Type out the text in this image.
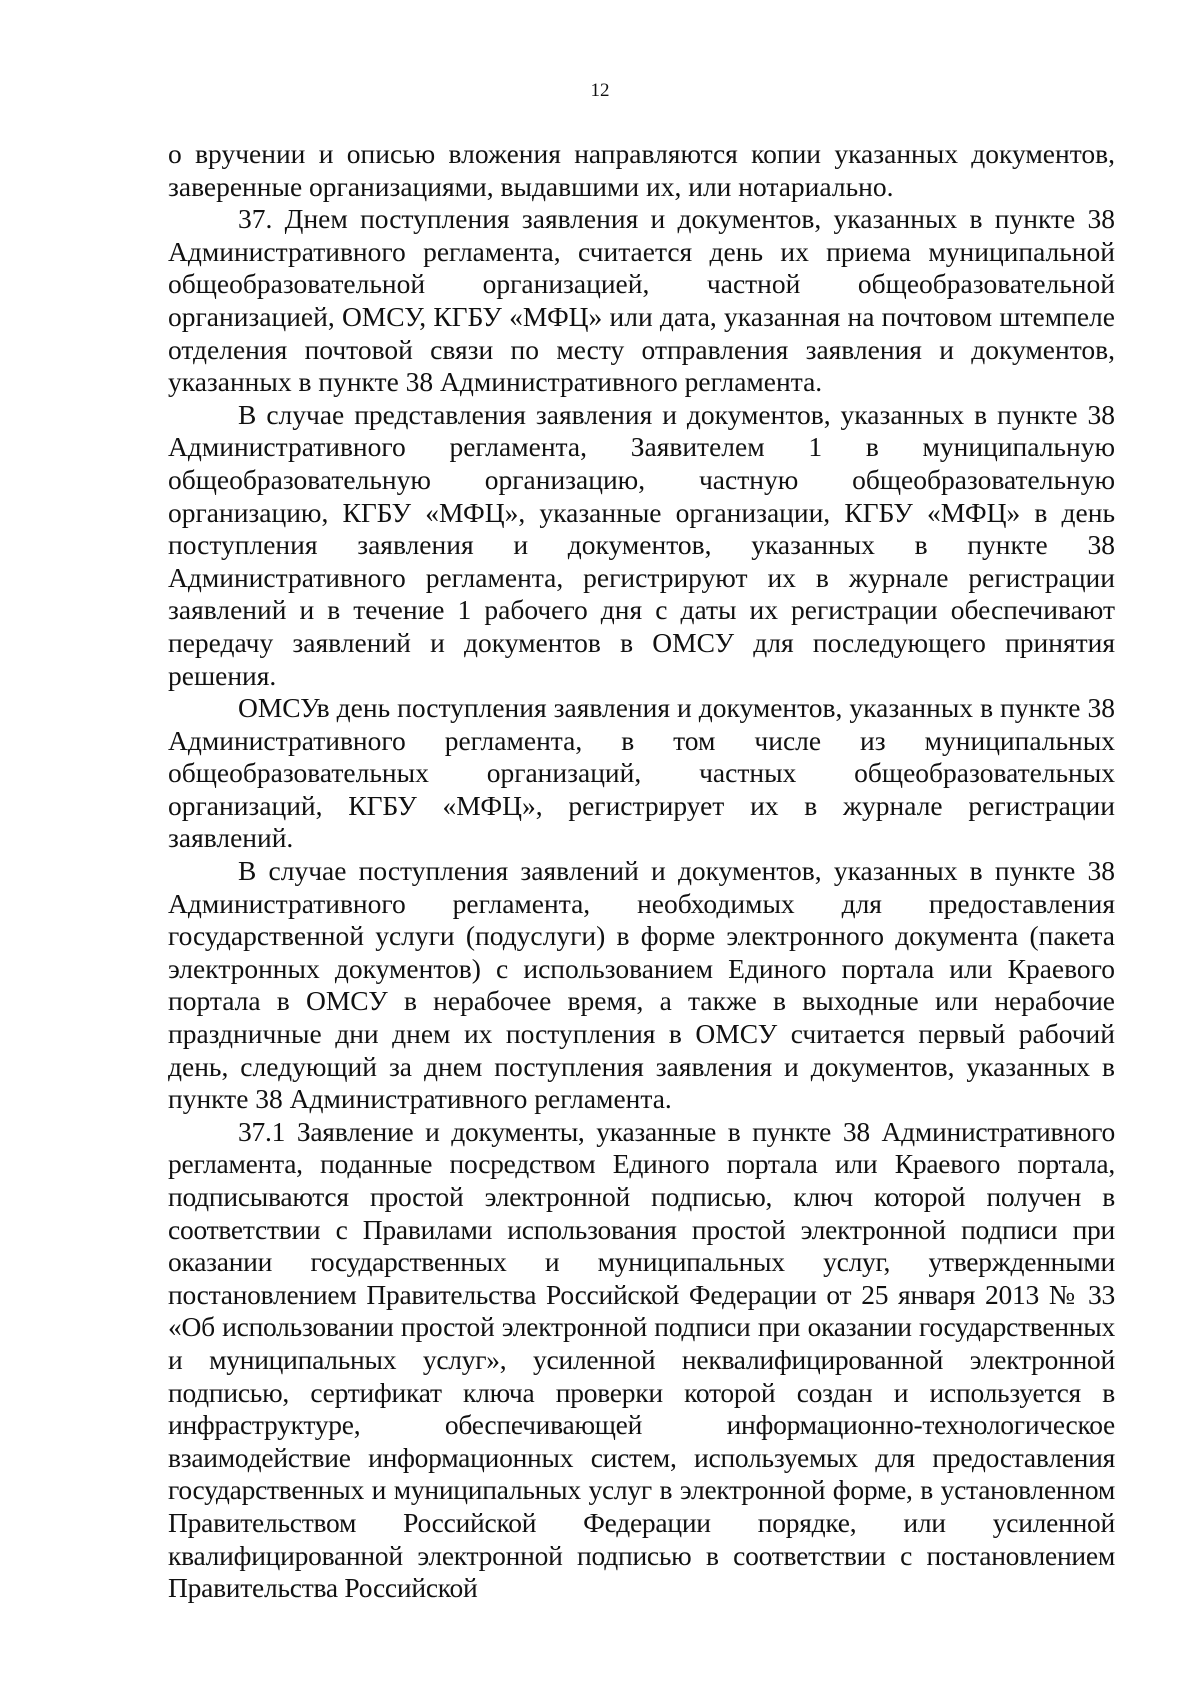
12

о вручении и описью вложения направляются копии указанных документов, заверенные организациями, выдавшими их, или нотариально.

37. Днем поступления заявления и документов, указанных в пункте 38 Административного регламента, считается день их приема муниципальной общеобразовательной организацией, частной общеобразовательной организацией, ОМСУ, КГБУ «МФЦ» или дата, указанная на почтовом штемпеле отделения почтовой связи по месту отправления заявления и документов, указанных в пункте 38 Административного регламента.

В случае представления заявления и документов, указанных в пункте 38 Административного регламента, Заявителем 1 в муниципальную общеобразовательную организацию, частную общеобразовательную организацию, КГБУ «МФЦ», указанные организации, КГБУ «МФЦ» в день поступления заявления и документов, указанных в пункте 38 Административного регламента, регистрируют их в журнале регистрации заявлений и в течение 1 рабочего дня с даты их регистрации обеспечивают передачу заявлений и документов в ОМСУ для последующего принятия решения.

ОМСУв день поступления заявления и документов, указанных в пункте 38 Административного регламента, в том числе из муниципальных общеобразовательных организаций, частных общеобразовательных организаций, КГБУ «МФЦ», регистрирует их в журнале регистрации заявлений.

В случае поступления заявлений и документов, указанных в пункте 38 Административного регламента, необходимых для предоставления государственной услуги (подуслуги) в форме электронного документа (пакета электронных документов) с использованием Единого портала или Краевого портала в ОМСУ в нерабочее время, а также в выходные или нерабочие праздничные дни днем их поступления в ОМСУ считается первый рабочий день, следующий за днем поступления заявления и документов, указанных в пункте 38 Административного регламента.

37.1 Заявление и документы, указанные в пункте 38 Административного регламента, поданные посредством Единого портала или Краевого портала, подписываются простой электронной подписью, ключ которой получен в соответствии с Правилами использования простой электронной подписи при оказании государственных и муниципальных услуг, утвержденными постановлением Правительства Российской Федерации от 25 января 2013 № 33 «Об использовании простой электронной подписи при оказании государственных и муниципальных услуг», усиленной неквалифицированной электронной подписью, сертификат ключа проверки которой создан и используется в инфраструктуре, обеспечивающей информационно-технологическое взаимодействие информационных систем, используемых для предоставления государственных и муниципальных услуг в электронной форме, в установленном Правительством Российской Федерации порядке, или усиленной квалифицированной электронной подписью в соответствии с постановлением Правительства Российской
